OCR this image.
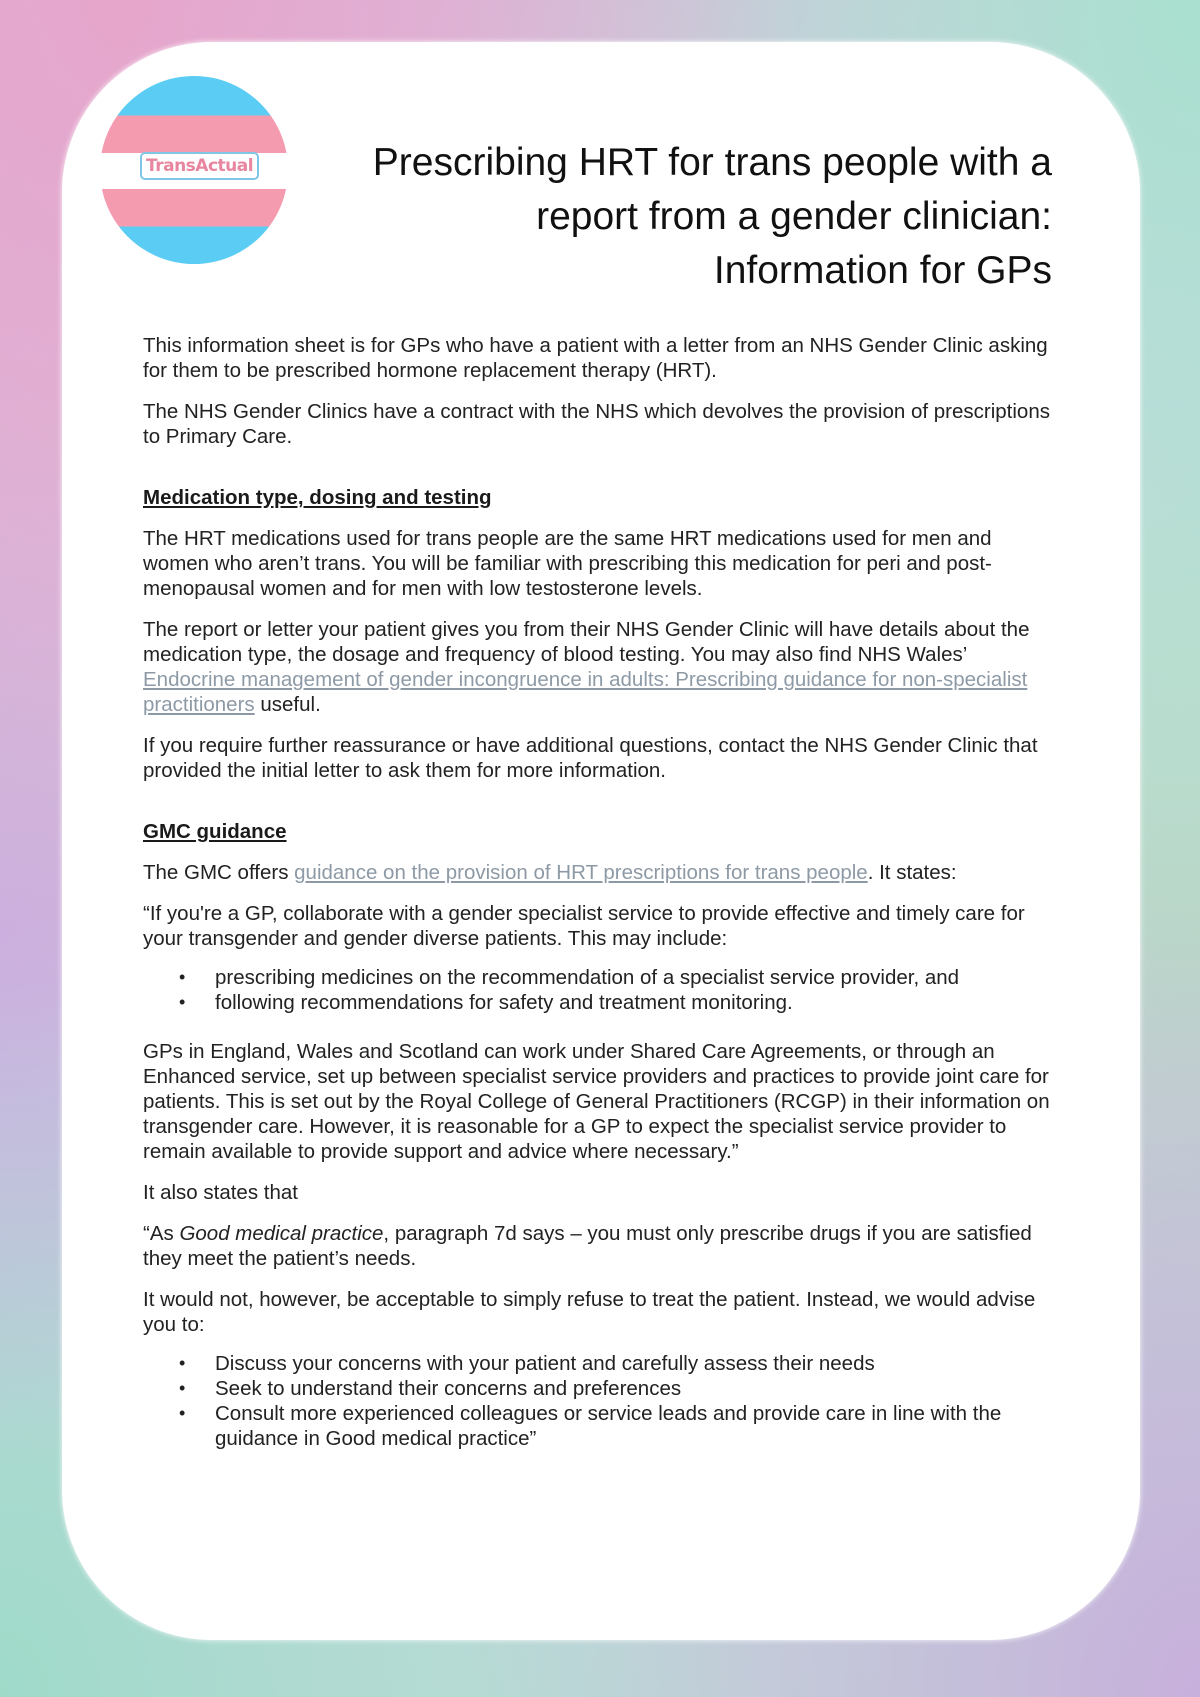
TransActual	Prescribing HRT for trans people with a
report from a gender clinician:
Information for GPs

This information sheet is for GPs who have a patient with a letter from an NHS Gender Clinic asking for them to be prescribed hormone replacement therapy (HRT).

The NHS Gender Clinics have a contract with the NHS which devolves the provision of prescriptions to Primary Care.

Medication type, dosing and testing

The HRT medications used for trans people are the same HRT medications used for men and women who aren’t trans. You will be familiar with prescribing this medication for peri and post-menopausal women and for men with low testosterone levels.

The report or letter your patient gives you from their NHS Gender Clinic will have details about the medication type, the dosage and frequency of blood testing. You may also find NHS Wales’ Endocrine management of gender incongruence in adults: Prescribing guidance for non-specialist practitioners useful.

If you require further reassurance or have additional questions, contact the NHS Gender Clinic that provided the initial letter to ask them for more information.

GMC guidance

The GMC offers guidance on the provision of HRT prescriptions for trans people. It states:

“If you're a GP, collaborate with a gender specialist service to provide effective and timely care for your transgender and gender diverse patients. This may include:

• prescribing medicines on the recommendation of a specialist service provider, and
• following recommendations for safety and treatment monitoring.

GPs in England, Wales and Scotland can work under Shared Care Agreements, or through an Enhanced service, set up between specialist service providers and practices to provide joint care for patients. This is set out by the Royal College of General Practitioners (RCGP) in their information on transgender care. However, it is reasonable for a GP to expect the specialist service provider to remain available to provide support and advice where necessary.”

It also states that

“As Good medical practice, paragraph 7d says – you must only prescribe drugs if you are satisfied they meet the patient’s needs.

It would not, however, be acceptable to simply refuse to treat the patient. Instead, we would advise you to:

• Discuss your concerns with your patient and carefully assess their needs
• Seek to understand their concerns and preferences
• Consult more experienced colleagues or service leads and provide care in line with the guidance in Good medical practice”
